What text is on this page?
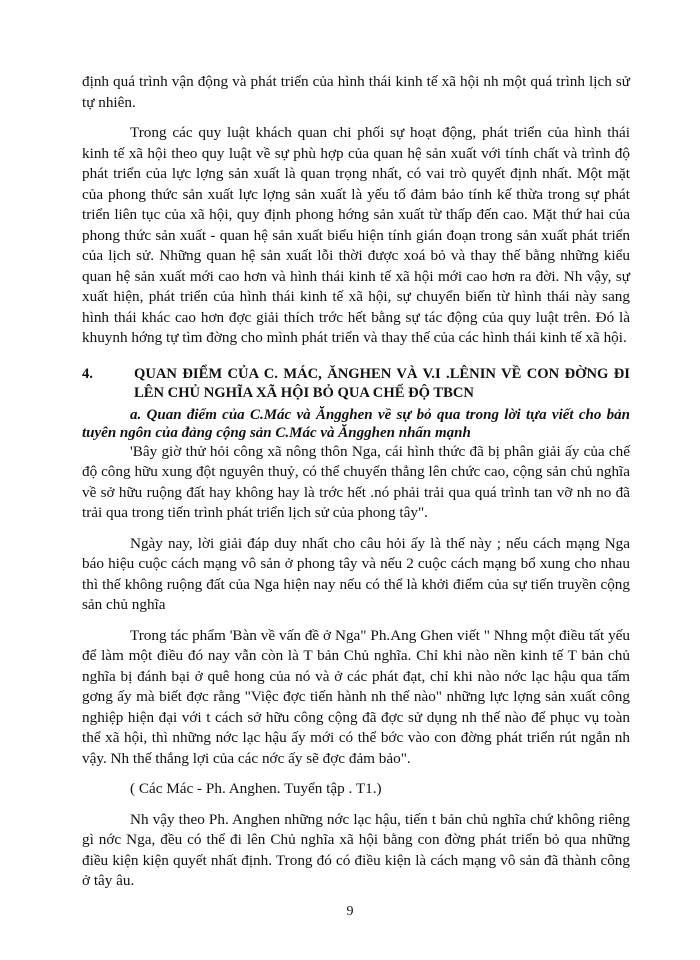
định quá trình vận động và phát triển của hình thái kinh tế xã hội nh một quá trình lịch sử tự nhiên.

Trong các quy luật khách quan chi phối sự hoạt động, phát triển của hình thái kinh tế xã hội theo quy luật về sự phù hợp của quan hệ sản xuất với tính chất và trình độ phát triển của lực lợng sản xuất là quan trọng nhất, có vai trò quyết định nhất. Một mặt của phong thức sản xuất lực lợng sản xuất là yếu tố đảm bảo tính kế thừa trong sự phát triển liên tục của xã hội, quy định phong hớng sản xuất từ thấp đến cao. Mặt thứ hai của phong thức sản xuất - quan hệ sản xuất biểu hiện tính gián đoạn trong sản xuất phát triển của lịch sử. Những quan hệ sản xuất lỗi thời được xoá bỏ và thay thế bằng những kiểu quan hệ sản xuất mới cao hơn và hình thái kinh tế xã hội mới cao hơn ra đời. Nh vậy, sự xuất hiện, phát triển của hình thái kinh tế xã hội, sự chuyển biến từ hình thái này sang hình thái khác cao hơn đợc giải thích trớc hết bằng sự tác động của quy luật trên. Đó là khuynh hớng tự tìm đờng cho mình phát triển và thay thế của các hình thái kinh tế xã hội.

4.	QUAN ĐIỂM CỦA C. MÁC, ĂNGHEN VÀ V.I .LÊNIN VỀ CON ĐỜNG ĐI LÊN CHỦ NGHĨA XÃ HỘI BỎ QUA CHẾ ĐỘ TBCN

a. Quan điểm của C.Mác và Ăngghen về sự bỏ qua trong lời tựa viết cho bản tuyên ngôn của đảng cộng sản C.Mác và Ăngghen nhấn mạnh

'Bây giờ thử hỏi công xã nông thôn Nga, cái hình thức đã bị phân giải ấy của chế độ công hữu xung đột nguyên thuỷ, có thể chuyển thẳng lên chức cao, cộng sản chủ nghĩa về sở hữu ruộng đất hay không hay là trớc hết .nó phải trải qua quá trình tan vỡ nh no đã trải qua trong tiến trình phát triển lịch sử của phong tây".

Ngày nay, lời giải đáp duy nhất cho câu hỏi ấy là thế này ; nếu cách mạng Nga báo hiệu cuộc cách mạng vô sản ở phong tây và nếu 2 cuộc cách mạng bổ xung cho nhau thì thế không ruộng đất của Nga hiện nay nếu có thể là khởi điểm của sự tiến truyền cộng sản chủ nghĩa

Trong tác phẩm 'Bàn về vấn đề ở Nga" Ph.Ang Ghen viết " Nhng một điều tất yếu để làm một điều đó nay vẫn còn là T bản Chủ nghĩa. Chỉ khi nào nền kinh tế T bản chủ nghĩa bị đánh bại ở quê hong của nó và ở các phát đạt, chỉ khi nào nớc lạc hậu qua tấm gơng ấy mà biết đợc rằng "Việc đợc tiến hành nh thế nào" những lực lợng sản xuất công nghiệp hiện đại với t cách sở hữu công cộng đã đợc sử dụng nh thế nào để phục vụ toàn thể xã hội, thì những nớc lạc hậu ấy mới có thể bớc vào con đờng phát triển rút ngắn nh vậy. Nh thế thắng lợi của các nớc ấy sẽ đợc đảm bảo".

( Các Mác - Ph. Anghen. Tuyển tập . T1.)

Nh vậy theo Ph. Anghen những nớc lạc hậu, tiến t bản chủ nghĩa chứ không riêng gì nớc Nga, đều có thể đi lên Chủ nghĩa xã hội bằng con đờng phát triển bỏ qua những điều kiện kiện quyết nhất định. Trong đó có điều kiện là cách mạng vô sản đã thành công ở tây âu.

9
